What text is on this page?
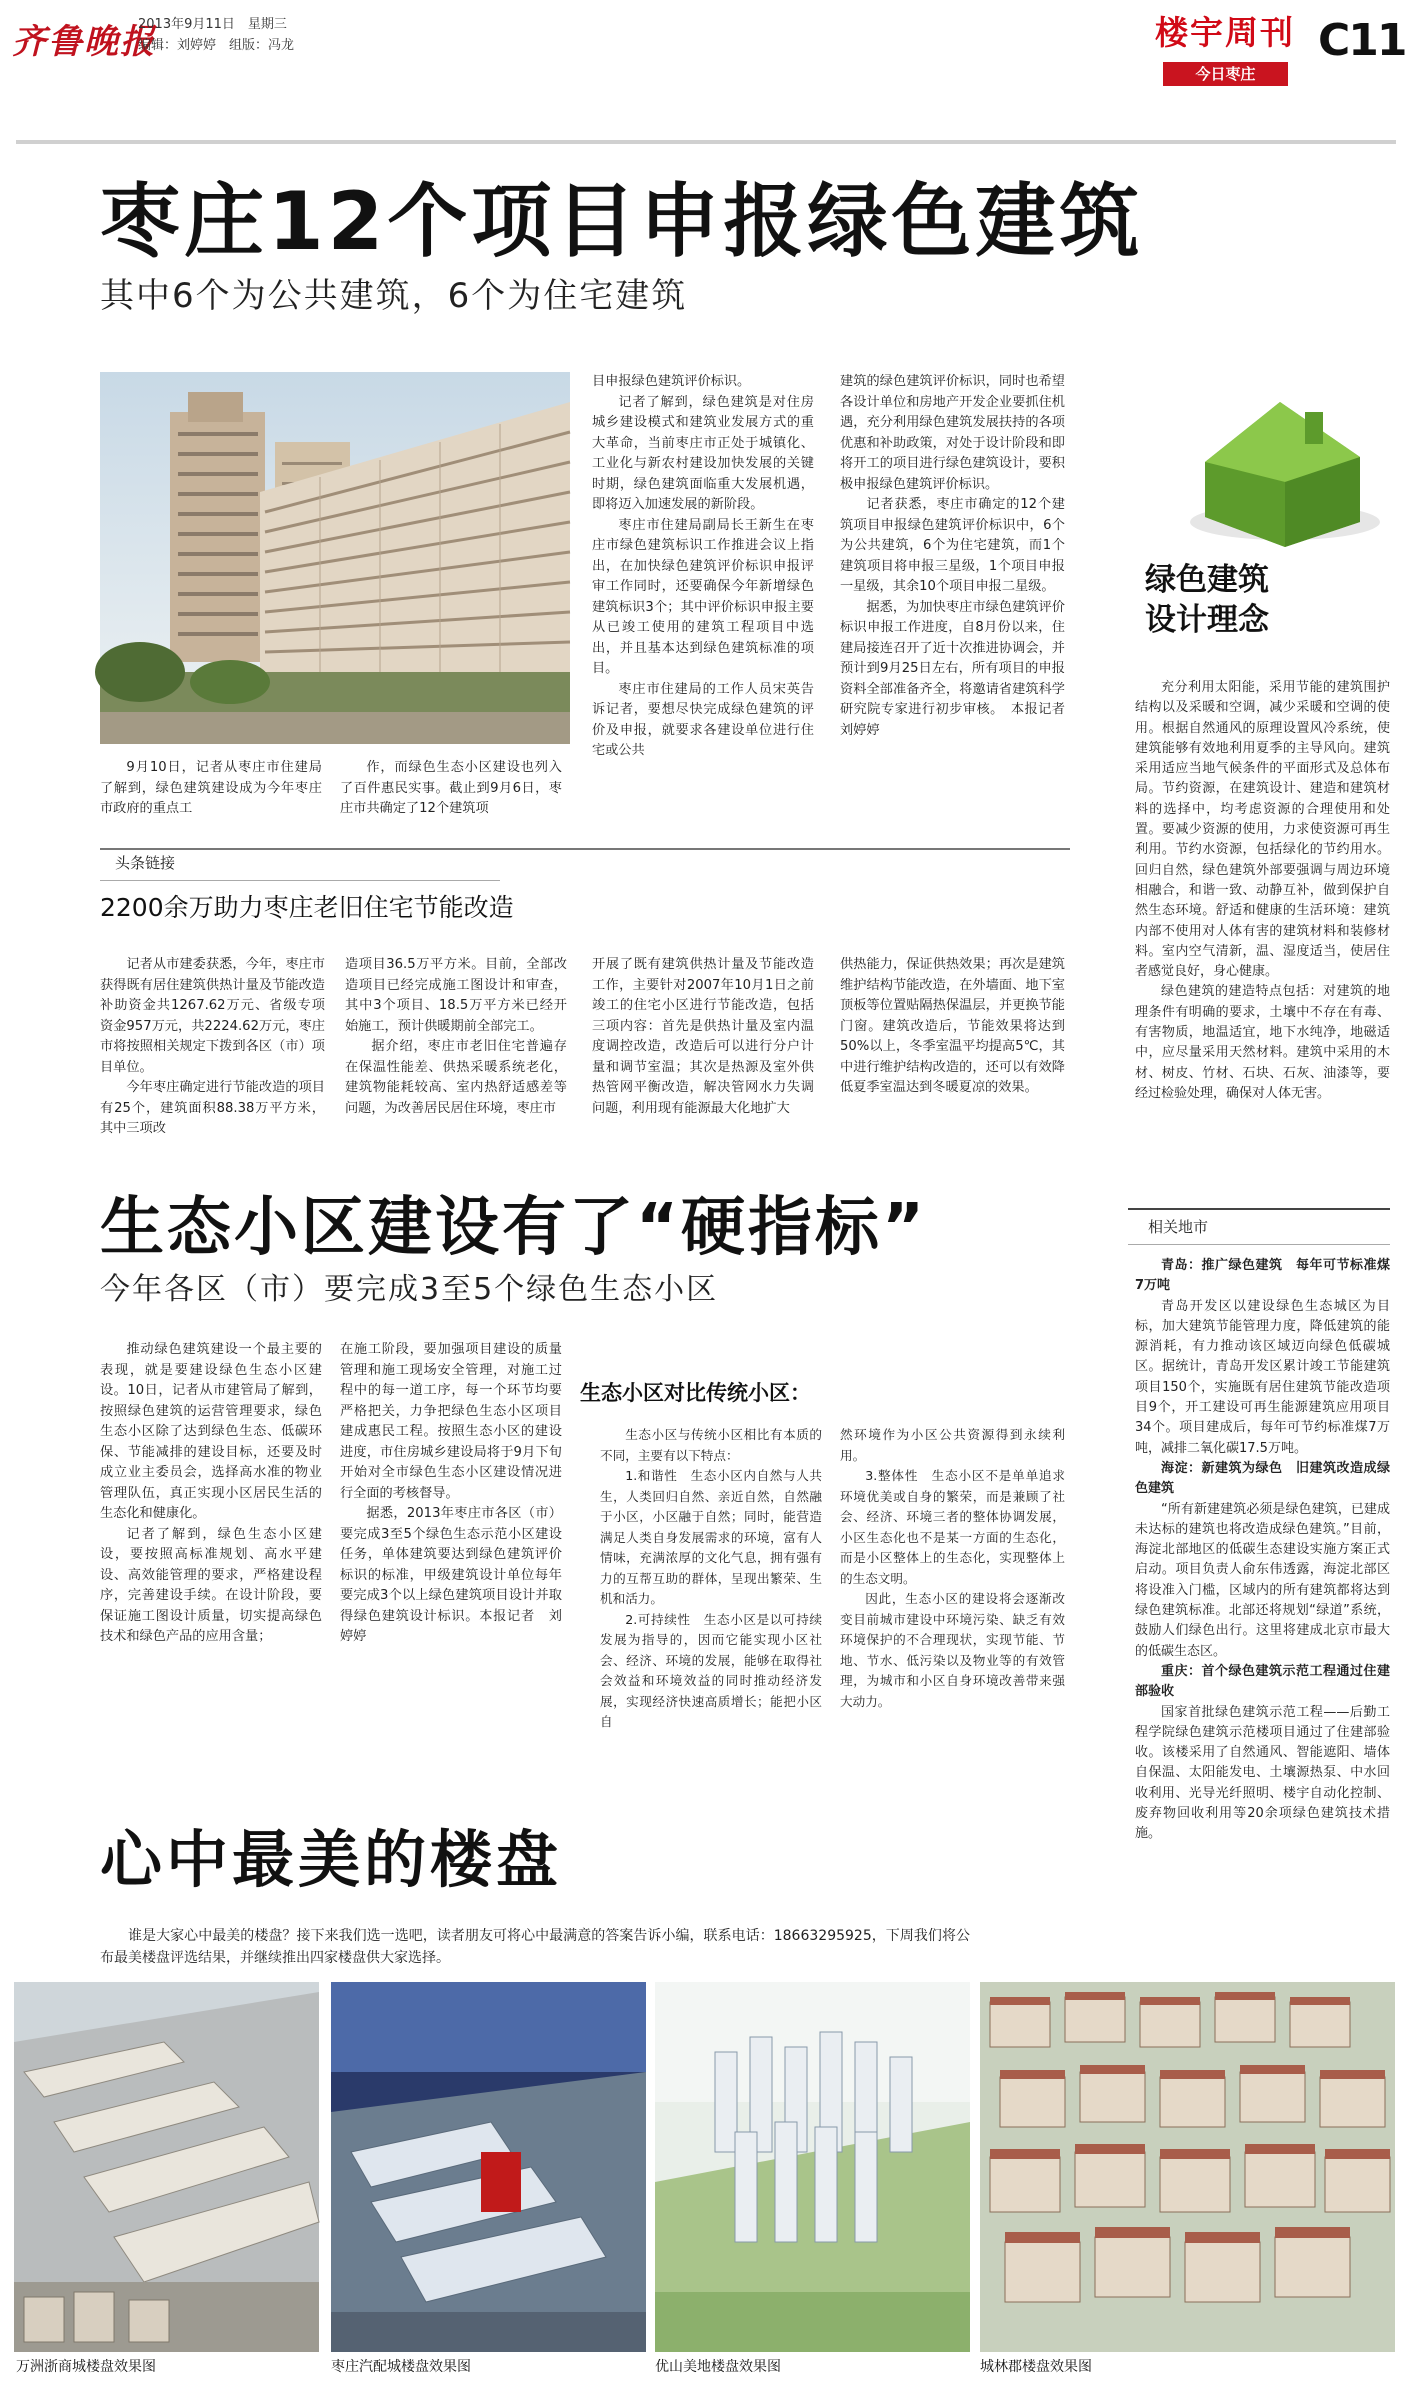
齐鲁晚报
2013年9月11日　星期三
编辑：刘婷婷　组版：冯龙	楼宇周刊
今日枣庄
C11
枣庄12个项目申报绿色建筑
其中6个为公共建筑，6个为住宅建筑

9月10日，记者从枣庄市住建局了解到，绿色建筑建设成为今年枣庄市政府的重点工

作，而绿色生态小区建设也列入了百件惠民实事。截止到9月6日，枣庄市共确定了12个建筑项

目申报绿色建筑评价标识。

记者了解到，绿色建筑是对住房城乡建设模式和建筑业发展方式的重大革命，当前枣庄市正处于城镇化、工业化与新农村建设加快发展的关键时期，绿色建筑面临重大发展机遇，即将迈入加速发展的新阶段。

枣庄市住建局副局长王新生在枣庄市绿色建筑标识工作推进会议上指出，在加快绿色建筑评价标识申报评审工作同时，还要确保今年新增绿色建筑标识3个；其中评价标识申报主要从已竣工使用的建筑工程项目中选出，并且基本达到绿色建筑标准的项目。

枣庄市住建局的工作人员宋英告诉记者，要想尽快完成绿色建筑的评价及申报，就要求各建设单位进行住宅或公共

建筑的绿色建筑评价标识，同时也希望各设计单位和房地产开发企业要抓住机遇，充分利用绿色建筑发展扶持的各项优惠和补助政策，对处于设计阶段和即将开工的项目进行绿色建筑设计，要积极申报绿色建筑评价标识。

记者获悉，枣庄市确定的12个建筑项目申报绿色建筑评价标识中，6个为公共建筑，6个为住宅建筑，而1个建筑项目将申报三星级，1个项目申报一星级，其余10个项目申报二星级。

据悉，为加快枣庄市绿色建筑评价标识申报工作进度，自8月份以来，住建局接连召开了近十次推进协调会，并预计到9月25日左右，所有项目的申报资料全部准备齐全，将邀请省建筑科学研究院专家进行初步审核。　本报记者　刘婷婷

头条链接
2200余万助力枣庄老旧住宅节能改造

记者从市建委获悉，今年，枣庄市获得既有居住建筑供热计量及节能改造补助资金共1267.62万元、省级专项资金957万元，共2224.62万元，枣庄市将按照相关规定下拨到各区（市）项目单位。

今年枣庄确定进行节能改造的项目有25个，建筑面积88.38万平方米，其中三项改

造项目36.5万平方米。目前，全部改造项目已经完成施工图设计和审查，其中3个项目、18.5万平方米已经开始施工，预计供暖期前全部完工。

据介绍，枣庄市老旧住宅普遍存在保温性能差、供热采暖系统老化，建筑物能耗较高、室内热舒适感差等问题，为改善居民居住环境，枣庄市

开展了既有建筑供热计量及节能改造工作，主要针对2007年10月1日之前竣工的住宅小区进行节能改造，包括三项内容：首先是供热计量及室内温度调控改造，改造后可以进行分户计量和调节室温；其次是热源及室外供热管网平衡改造，解决管网水力失调问题，利用现有能源最大化地扩大

供热能力，保证供热效果；再次是建筑维护结构节能改造，在外墙面、地下室顶板等位置贴隔热保温层，并更换节能门窗。建筑改造后，节能效果将达到50%以上，冬季室温平均提高5℃，其中进行维护结构改造的，还可以有效降低夏季室温达到冬暖夏凉的效果。

生态小区建设有了“硬指标”
今年各区（市）要完成3至5个绿色生态小区

推动绿色建筑建设一个最主要的表现，就是要建设绿色生态小区建设。10日，记者从市建管局了解到，按照绿色建筑的运营管理要求，绿色生态小区除了达到绿色生态、低碳环保、节能减排的建设目标，还要及时成立业主委员会，选择高水准的物业管理队伍，真正实现小区居民生活的生态化和健康化。

记者了解到，绿色生态小区建设，要按照高标准规划、高水平建设、高效能管理的要求，严格建设程序，完善建设手续。在设计阶段，要保证施工图设计质量，切实提高绿色技术和绿色产品的应用含量；

在施工阶段，要加强项目建设的质量管理和施工现场安全管理，对施工过程中的每一道工序，每一个环节均要严格把关，力争把绿色生态小区项目建成惠民工程。按照生态小区的建设进度，市住房城乡建设局将于9月下旬开始对全市绿色生态小区建设情况进行全面的考核督导。

据悉，2013年枣庄市各区（市）要完成3至5个绿色生态示范小区建设任务，单体建筑要达到绿色建筑评价标识的标准，甲级建筑设计单位每年要完成3个以上绿色建筑项目设计并取得绿色建筑设计标识。本报记者　刘婷婷

生态小区对比传统小区：

生态小区与传统小区相比有本质的不同，主要有以下特点：

1.和谐性　生态小区内自然与人共生，人类回归自然、亲近自然，自然融于小区，小区融于自然；同时，能营造满足人类自身发展需求的环境，富有人情味，充满浓厚的文化气息，拥有强有力的互帮互助的群体，呈现出繁荣、生机和活力。

2.可持续性　生态小区是以可持续发展为指导的，因而它能实现小区社会、经济、环境的发展，能够在取得社会效益和环境效益的同时推动经济发展，实现经济快速高质增长；能把小区自

然环境作为小区公共资源得到永续利用。

3.整体性　生态小区不是单单追求环境优美或自身的繁荣，而是兼顾了社会、经济、环境三者的整体协调发展，小区生态化也不是某一方面的生态化，而是小区整体上的生态化，实现整体上的生态文明。

因此，生态小区的建设将会逐渐改变目前城市建设中环境污染、缺乏有效环境保护的不合理现状，实现节能、节地、节水、低污染以及物业等的有效管理，为城市和小区自身环境改善带来强大动力。

绿色建筑
设计理念

充分利用太阳能，采用节能的建筑围护结构以及采暖和空调，减少采暖和空调的使用。根据自然通风的原理设置风冷系统，使建筑能够有效地利用夏季的主导风向。建筑采用适应当地气候条件的平面形式及总体布局。节约资源，在建筑设计、建造和建筑材料的选择中，均考虑资源的合理使用和处置。要减少资源的使用，力求使资源可再生利用。节约水资源，包括绿化的节约用水。回归自然，绿色建筑外部要强调与周边环境相融合，和谐一致、动静互补，做到保护自然生态环境。舒适和健康的生活环境：建筑内部不使用对人体有害的建筑材料和装修材料。室内空气清新，温、湿度适当，使居住者感觉良好，身心健康。

绿色建筑的建造特点包括：对建筑的地理条件有明确的要求，土壤中不存在有毒、有害物质，地温适宜，地下水纯净，地磁适中，应尽量采用天然材料。建筑中采用的木材、树皮、竹材、石块、石灰、油漆等，要经过检验处理，确保对人体无害。

相关地市

青岛：推广绿色建筑　每年可节标准煤7万吨

青岛开发区以建设绿色生态城区为目标，加大建筑节能管理力度，降低建筑的能源消耗，有力推动该区域迈向绿色低碳城区。据统计，青岛开发区累计竣工节能建筑项目150个，实施既有居住建筑节能改造项目9个，开工建设可再生能源建筑应用项目34个。项目建成后，每年可节约标准煤7万吨，减排二氧化碳17.5万吨。

海淀：新建筑为绿色　旧建筑改造成绿色建筑

“所有新建建筑必须是绿色建筑，已建成未达标的建筑也将改造成绿色建筑。”目前，海淀北部地区的低碳生态建设实施方案正式启动。项目负责人俞东伟透露，海淀北部区将设准入门槛，区域内的所有建筑都将达到绿色建筑标准。北部还将规划“绿道”系统，鼓励人们绿色出行。这里将建成北京市最大的低碳生态区。

重庆：首个绿色建筑示范工程通过住建部验收

国家首批绿色建筑示范工程——后勤工程学院绿色建筑示范楼项目通过了住建部验收。该楼采用了自然通风、智能遮阳、墙体自保温、太阳能发电、土壤源热泵、中水回收利用、光导光纤照明、楼宇自动化控制、废弃物回收利用等20余项绿色建筑技术措施。

心中最美的楼盘
谁是大家心中最美的楼盘？接下来我们选一选吧，读者朋友可将心中最满意的答案告诉小编，联系电话：18663295925，下周我们将公布最美楼盘评选结果，并继续推出四家楼盘供大家选择。
万洲浙商城楼盘效果图	枣庄汽配城楼盘效果图	优山美地楼盘效果图	城林郡楼盘效果图
